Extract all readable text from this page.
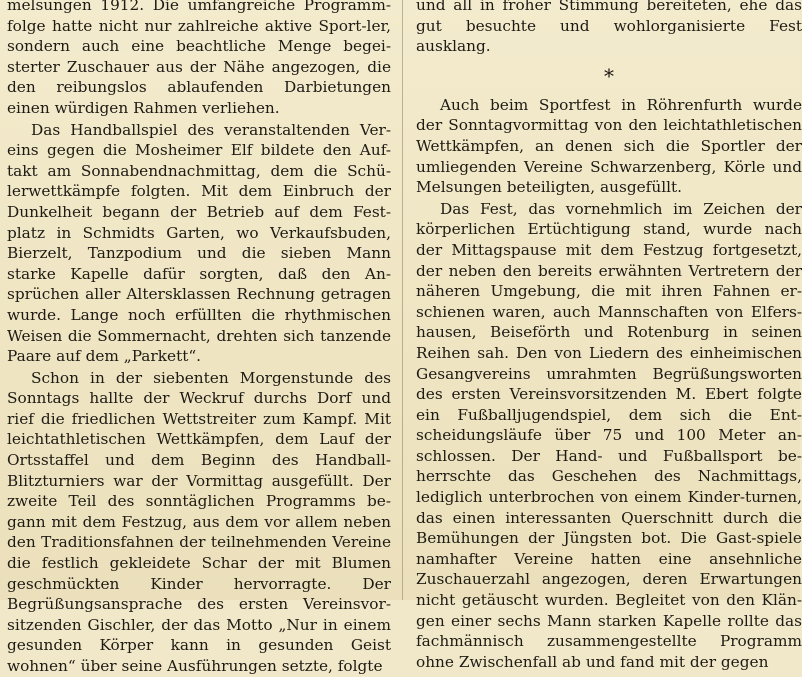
melsungen 1912. Die umfangreiche Programm-folge hatte nicht nur zahlreiche aktive Sport-ler, sondern auch eine beachtliche Menge begei-sterter Zuschauer aus der Nähe angezogen, die den reibungslos ablaufenden Darbietungen einen würdigen Rahmen verliehen.

Das Handballspiel des veranstaltenden Ver-eins gegen die Mosheimer Elf bildete den Auf-takt am Sonnabendnachmittag, dem die Schü-lerwettkämpfe folgten. Mit dem Einbruch der Dunkelheit begann der Betrieb auf dem Fest-platz in Schmidts Garten, wo Verkaufsbuden, Bierzelt, Tanzpodium und die sieben Mann starke Kapelle dafür sorgten, daß den An-sprüchen aller Altersklassen Rechnung getragen wurde. Lange noch erfüllten die rhythmischen Weisen die Sommernacht, drehten sich tanzende Paare auf dem „Parkett“.

Schon in der siebenten Morgenstunde des Sonntags hallte der Weckruf durchs Dorf und rief die friedlichen Wettstreiter zum Kampf. Mit leichtathletischen Wettkämpfen, dem Lauf der Ortsstaffel und dem Beginn des Handball-Blitzturniers war der Vormittag ausgefüllt. Der zweite Teil des sonntäglichen Programms be-gann mit dem Festzug, aus dem vor allem neben den Traditionsfahnen der teilnehmenden Vereine die festlich gekleidete Schar der mit Blumen geschmückten Kinder hervorragte. Der Begrüßungsansprache des ersten Vereinsvor-sitzenden Gischler, der das Motto „Nur in einem gesunden Körper kann in gesunden Geist wohnen“ über seine Ausführungen setzte, folgte

und all in froher Stimmung bereiteten, ehe das gut besuchte und wohlorganisierte Fest ausklang.

*

Auch beim Sportfest in Röhrenfurth wurde der Sonntagvormittag von den leichtathletischen Wettkämpfen, an denen sich die Sportler der umliegenden Vereine Schwarzenberg, Körle und Melsungen beteiligten, ausgefüllt.

Das Fest, das vornehmlich im Zeichen der körperlichen Ertüchtigung stand, wurde nach der Mittagspause mit dem Festzug fortgesetzt, der neben den bereits erwähnten Vertretern der näheren Umgebung, die mit ihren Fahnen er-schienen waren, auch Mannschaften von Elfers-hausen, Beiseförth und Rotenburg in seinen Reihen sah. Den von Liedern des einheimischen Gesangvereins umrahmten Begrüßungsworten des ersten Vereinsvorsitzenden M. Ebert folgte ein Fußballjugendspiel, dem sich die Ent-scheidungsläufe über 75 und 100 Meter an-schlossen. Der Hand- und Fußballsport be-herrschte das Geschehen des Nachmittags, lediglich unterbrochen von einem Kinder-turnen, das einen interessanten Querschnitt durch die Bemühungen der Jüngsten bot. Die Gast-spiele namhafter Vereine hatten eine ansehnliche Zuschauerzahl angezogen, deren Erwartungen nicht getäuscht wurden. Begleitet von den Klän-gen einer sechs Mann starken Kapelle rollte das fachmännisch zusammengestellte Programm ohne Zwischenfall ab und fand mit der gegen
